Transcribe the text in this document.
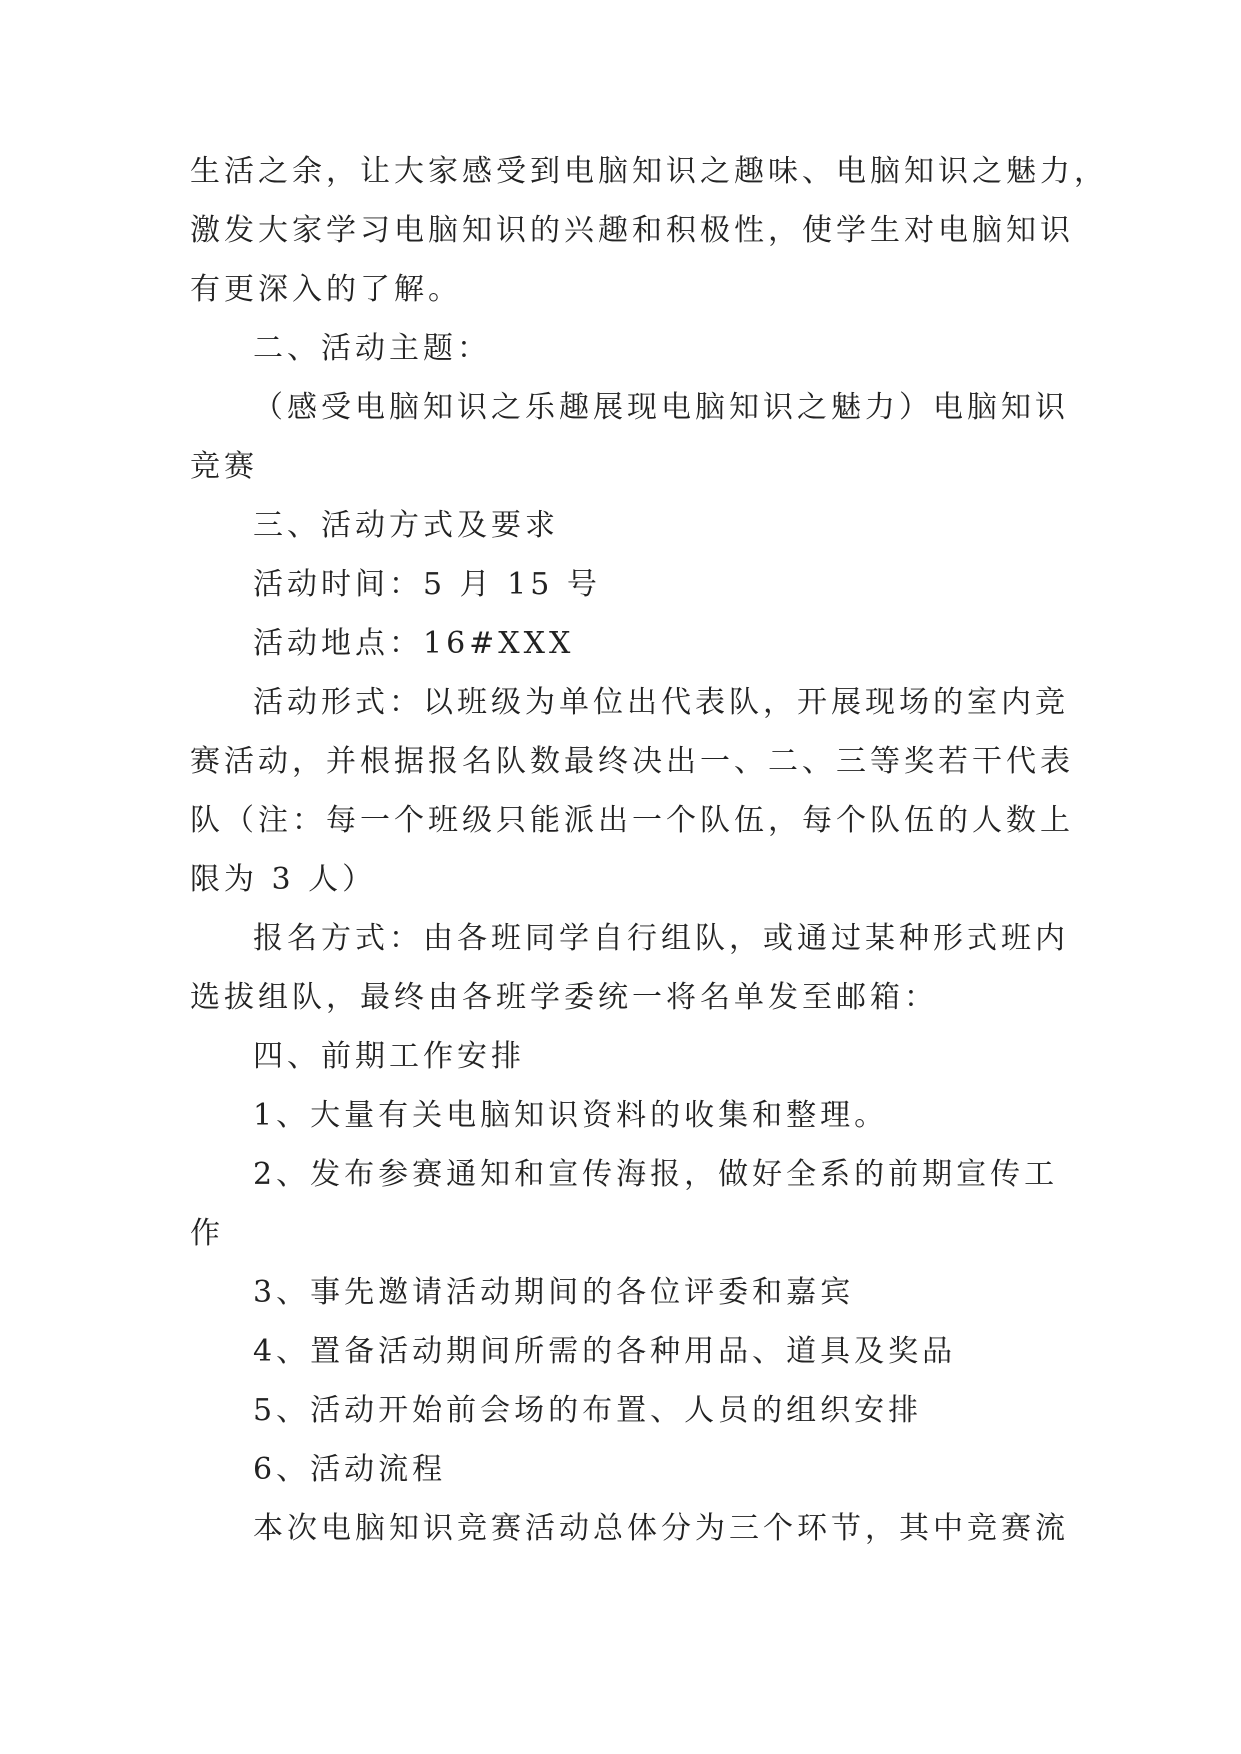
生活之余，让大家感受到电脑知识之趣味、电脑知识之魅力，
激发大家学习电脑知识的兴趣和积极性，使学生对电脑知识
有更深入的了解。
二、活动主题：
（感受电脑知识之乐趣展现电脑知识之魅力）电脑知识
竞赛
三、活动方式及要求
活动时间：5 月 15 号
活动地点：16#XXX
活动形式：以班级为单位出代表队，开展现场的室内竞
赛活动，并根据报名队数最终决出一、二、三等奖若干代表
队（注：每一个班级只能派出一个队伍，每个队伍的人数上
限为 3 人）
报名方式：由各班同学自行组队，或通过某种形式班内
选拔组队，最终由各班学委统一将名单发至邮箱：
四、前期工作安排
1、大量有关电脑知识资料的收集和整理。
2、发布参赛通知和宣传海报，做好全系的前期宣传工
作
3、事先邀请活动期间的各位评委和嘉宾
4、置备活动期间所需的各种用品、道具及奖品
5、活动开始前会场的布置、人员的组织安排
6、活动流程
本次电脑知识竞赛活动总体分为三个环节，其中竞赛流
